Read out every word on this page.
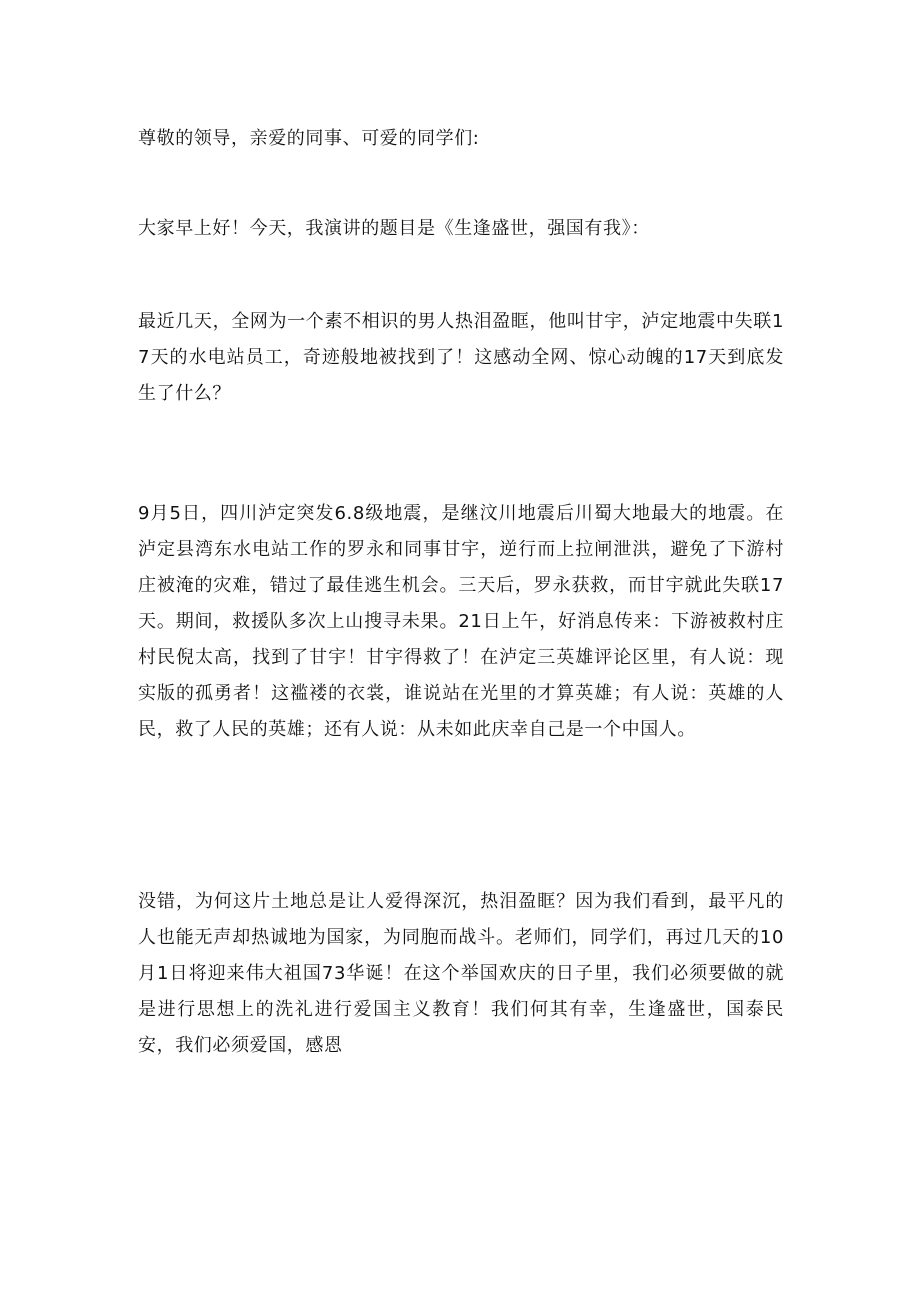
尊敬的领导，亲爱的同事、可爱的同学们:

大家早上好！今天，我演讲的题目是《生逢盛世，强国有我》：

最近几天，全网为一个素不相识的男人热泪盈眶，他叫甘宇，泸定地震中失联17天的水电站员工，奇迹般地被找到了！这感动全网、惊心动魄的17天到底发生了什么？

9月5日，四川泸定突发6.8级地震，是继汶川地震后川蜀大地最大的地震。在泸定县湾东水电站工作的罗永和同事甘宇，逆行而上拉闸泄洪，避免了下游村庄被淹的灾难，错过了最佳逃生机会。三天后，罗永获救，而甘宇就此失联17天。期间，救援队多次上山搜寻未果。21日上午，好消息传来：下游被救村庄村民倪太高，找到了甘宇！甘宇得救了！在泸定三英雄评论区里，有人说：现实版的孤勇者！这褴褛的衣裳，谁说站在光里的才算英雄；有人说：英雄的人民，救了人民的英雄；还有人说：从未如此庆幸自己是一个中国人。

没错，为何这片土地总是让人爱得深沉，热泪盈眶？因为我们看到，最平凡的人也能无声却热诚地为国家，为同胞而战斗。老师们，同学们，再过几天的10月1日将迎来伟大祖国73华诞！在这个举国欢庆的日子里，我们必须要做的就是进行思想上的洗礼进行爱国主义教育！我们何其有幸，生逢盛世，国泰民安，我们必须爱国，感恩
